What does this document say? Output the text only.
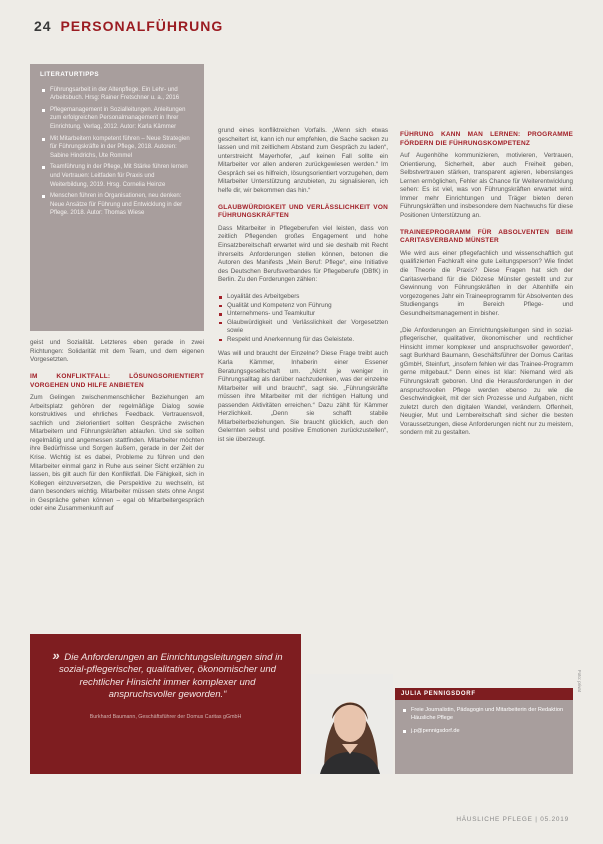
24 PERSONALFÜHRUNG
LITERATURTIPPS
Führungsarbeit in der Altenpflege. Ein Lehr- und Arbeitsbuch. Hrsg: Rainer Fretschner u. a., 2016
Pflegemanagement in Sozialleitungen. Anleitungen zum erfolgreichen Personalmanagement in Ihrer Einrichtung. Verlag, 2012. Autor: Karla Kämmer
Mit Mitarbeitern kompetent führen – Neue Strategien für Führungskräfte in der Pflege, 2018. Autoren: Sabine Hindrichs, Ute Rommel
Teamführung in der Pflege, Mit Stärke führen lernen und Vertrauen: Leitfaden für Praxis und Weiterbildung, 2019. Hrsg. Cornelia Heinze
Menschen führen in Organisationen, neu denken: Neue Ansätze für Führung und Entwicklung in der Pflege. 2018. Autor: Thomas Wiese

geist und Sozialität. Letzteres eben gerade in zwei Richtungen: Solidarität mit dem Team, und dem eigenen Vorgesetzten.

IM KONFLIKTFALL: LÖSUNGSORIENTIERT VORGEHEN UND HILFE ANBIETEN

Zum Gelingen zwischenmenschlicher Beziehungen am Arbeitsplatz gehören der regelmäßige Dialog sowie konstruktives und ehrliches Feedback. Vertrauensvoll, sachlich und zielorientiert sollten Gespräche zwischen Mitarbeitern und Führungskräften ablaufen. Und sie sollten regelmäßig und angemessen stattfinden. Mitarbeiter möchten ihre Bedürfnisse und Sorgen äußern, gerade in der Zeit der Krise. Wichtig ist es dabei, Probleme zu führen und den Mitarbeiter einmal ganz in Ruhe aus seiner Sicht erzählen zu lassen, bis gilt auch für den Konfliktfall. Die Fähigkeit, sich in Kollegen einzuversetzen, die Perspektive zu wechseln, ist dann besonders wichtig. Mitarbeiter müssen stets ohne Angst in Gespräche gehen können – egal ob Mitarbeitergespräch oder eine Zusammenkunft auf

grund eines konfliktreichen Vorfalls. „Wenn sich etwas gescheitert ist, kann ich nur empfehlen, die Sache sacken zu lassen und mit zeitlichem Abstand zum Gespräch zu laden“, unterstreicht Mayerhofer, „auf keinen Fall sollte ein Mitarbeiter vor allen anderen zurückgewiesen werden.“ Im Gespräch sei es hilfreich, lösungsorientiert vorzugehen, dem Mitarbeiter Unterstützung anzubieten, zu signalisieren, ich helfe dir, wir bekommen das hin.“

GLAUBWÜRDIGKEIT UND VERLÄSSLICHKEIT VON FÜHRUNGSKRÄFTEN

Dass Mitarbeiter in Pflegeberufen viel leisten, dass von zeitlich Pflegenden großes Engagement und hohe Einsatzbereitschaft erwartet wird und sie deshalb mit Recht ihrerseits Anforderungen stellen können, betonen die Autoren des Manifests „Mein Beruf: Pflege“, eine Initiative des Deutschen Berufsverbandes für Pflegeberufe (DBfK) in Berlin. Zu den Forderungen zählen:

Loyalität des Arbeitgebers
Qualität und Kompetenz von Führung
Unternehmens- und Teamkultur
Glaubwürdigkeit und Verlässlichkeit der Vorgesetzten sowie
Respekt und Anerkennung für das Geleistete.

Was will und braucht der Einzelne? Diese Frage treibt auch Karla Kämmer, Inhaberin einer Essener Beratungsgesellschaft um. „Nicht je weniger in Führungsalltag als darüber nachzudenken, was der einzelne Mitarbeiter will und braucht“, sagt sie. „Führungskräfte müssen ihre Mitarbeiter mit der richtigen Haltung und passenden Aktivitäten erreichen.“ Dazu zählt für Kämmer Herzlichkeit. „Denn sie schafft stabile Mitarbeiterbeziehungen. Sie braucht glücklich, auch den Gelernten selbst und positive Emotionen zurückzustellen“, ist sie überzeugt.

FÜHRUNG KANN MAN LERNEN: PROGRAMME FÖRDERN DIE FÜHRUNGSKOMPETENZ

Auf Augenhöhe kommunizieren, motivieren, Vertrauen, Orientierung, Sicherheit, aber auch Freiheit geben, Selbstvertrauen stärken, transparent agieren, lebenslanges Lernen ermöglichen, Fehler als Chance für Weiterentwicklung sehen: Es ist viel, was von Führungskräften erwartet wird. Immer mehr Einrichtungen und Träger bieten deren Führungskräften und insbesondere dem Nachwuchs für diese Positionen Unterstützung an.

TRAINEEPROGRAMM FÜR ABSOLVENTEN BEIM CARITASVERBAND MÜNSTER

Wie wird aus einer pflegefachlich und wissenschaftlich gut qualifizierten Fachkraft eine gute Leitungsperson? Wie findet die Theorie die Praxis? Diese Fragen hat sich der Caritasverband für die Diözese Münster gestellt und zur Gewinnung von Führungskräften in der Altenhilfe ein vorgezogenes Jahr ein Traineeprogramm für Absolventen des Studiengangs im Bereich Pflege- und Gesundheitsmanagement in bisher.

„Die Anforderungen an Einrichtungsleitungen sind in sozial-pflegerischer, qualitativer, ökonomischer und rechtlicher Hinsicht immer komplexer und anspruchsvoller geworden“, sagt Burkhard Baumann, Geschäftsführer der Domus Caritas gGmbH, Steinfurt, „insofern fehlen wir das Trainee-Programm gerne mitgebaut.“ Denn eines ist klar: Niemand wird als Führungskraft geboren. Und die Herausforderungen in der anspruchsvollen Pflege werden ebenso zu wie die Geschwindigkeit, mit der sich Prozesse und Aufgaben, nicht zuletzt durch den digitalen Wandel, verändern. Offenheit, Neugier, Mut und Lernbereitschaft sind sicher die besten Voraussetzungen, diese Anforderungen nicht nur zu meistern, sondern mit zu gestalten.

» Die Anforderungen an Einrichtungsleitungen sind in sozial-pflegerischer, qualitativer, ökonomischer und rechtlicher Hinsicht immer komplexer und anspruchsvoller geworden.“
Burkhard Baumann, Geschäftsführer der Domus Caritas gGmbH
JULIA PENNIGSDORF
Freie Journalistin, Pädagogin und Mitarbeiterin der Redaktion Häusliche Pflege
j.p@pennigsdorf.de
Foto: privat
HÄUSLICHE PFLEGE | 05.2019
